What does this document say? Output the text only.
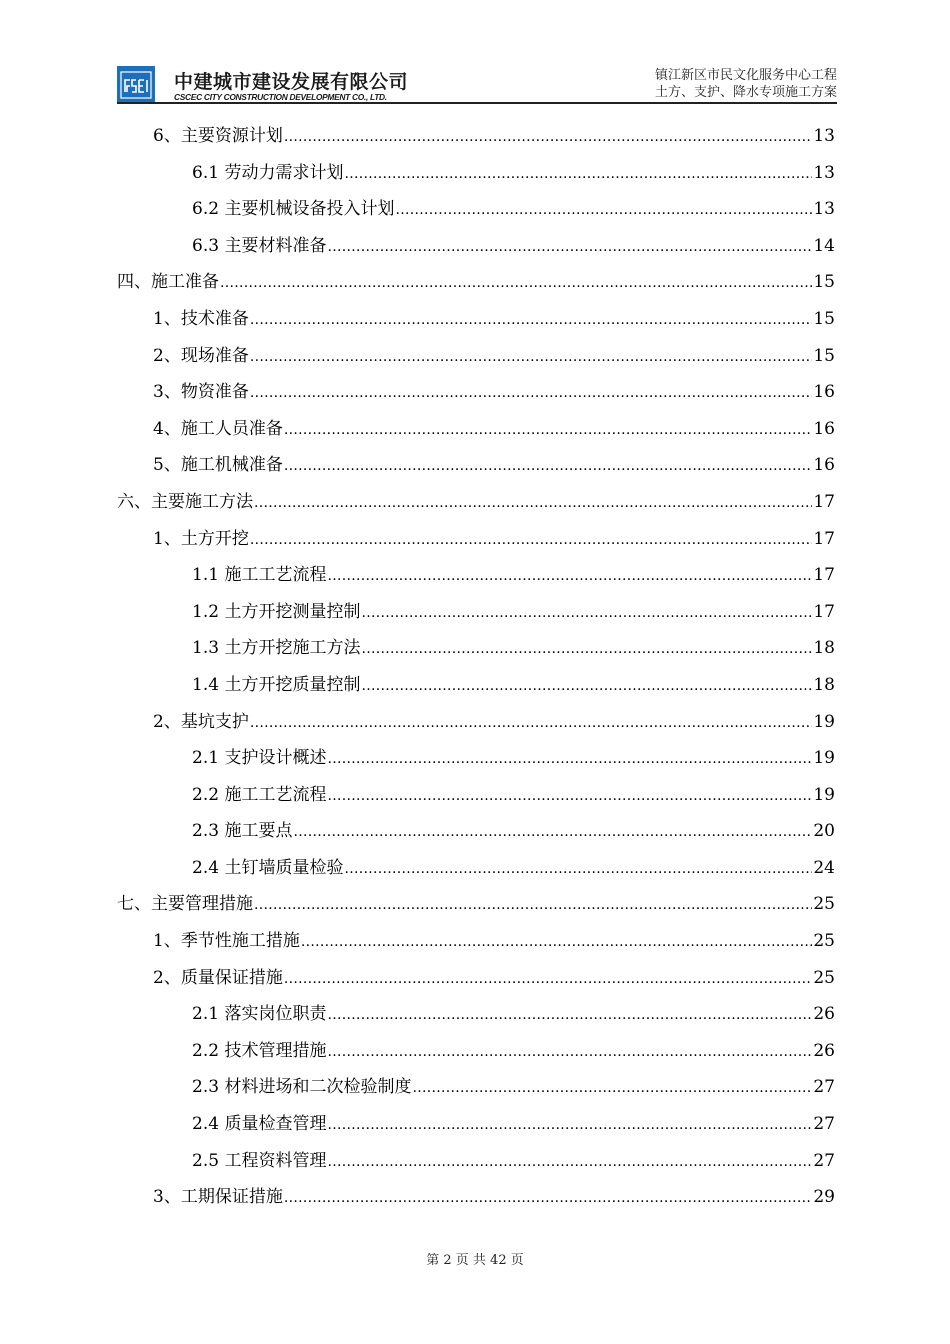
中建城市建设发展有限公司
CSCEC CITY CONSTRUCTION DEVELOPMENT CO., LTD.
镇江新区市民文化服务中心工程
土方、支护、降水专项施工方案
6、主要资源计划 .....	13
6.1 劳动力需求计划 .....	13
6.2 主要机械设备投入计划 .....	13
6.3 主要材料准备 .....	14
四、施工准备 .....	15
1、技术准备 .....	15
2、现场准备 .....	15
3、物资准备 .....	16
4、施工人员准备 .....	16
5、施工机械准备 .....	16
六、主要施工方法 .....	17
1、土方开挖 .....	17
1.1 施工工艺流程 .....	17
1.2 土方开挖测量控制 .....	17
1.3 土方开挖施工方法 .....	18
1.4 土方开挖质量控制 .....	18
2、基坑支护 .....	19
2.1 支护设计概述 .....	19
2.2 施工工艺流程 .....	19
2.3 施工要点 .....	20
2.4 土钉墙质量检验 .....	24
七、主要管理措施 .....	25
1、季节性施工措施 .....	25
2、质量保证措施 .....	25
2.1 落实岗位职责 .....	26
2.2 技术管理措施 .....	26
2.3 材料进场和二次检验制度 .....	27
2.4 质量检查管理 .....	27
2.5 工程资料管理 .....	27
3、工期保证措施 .....	29
第 2 页 共 42 页
